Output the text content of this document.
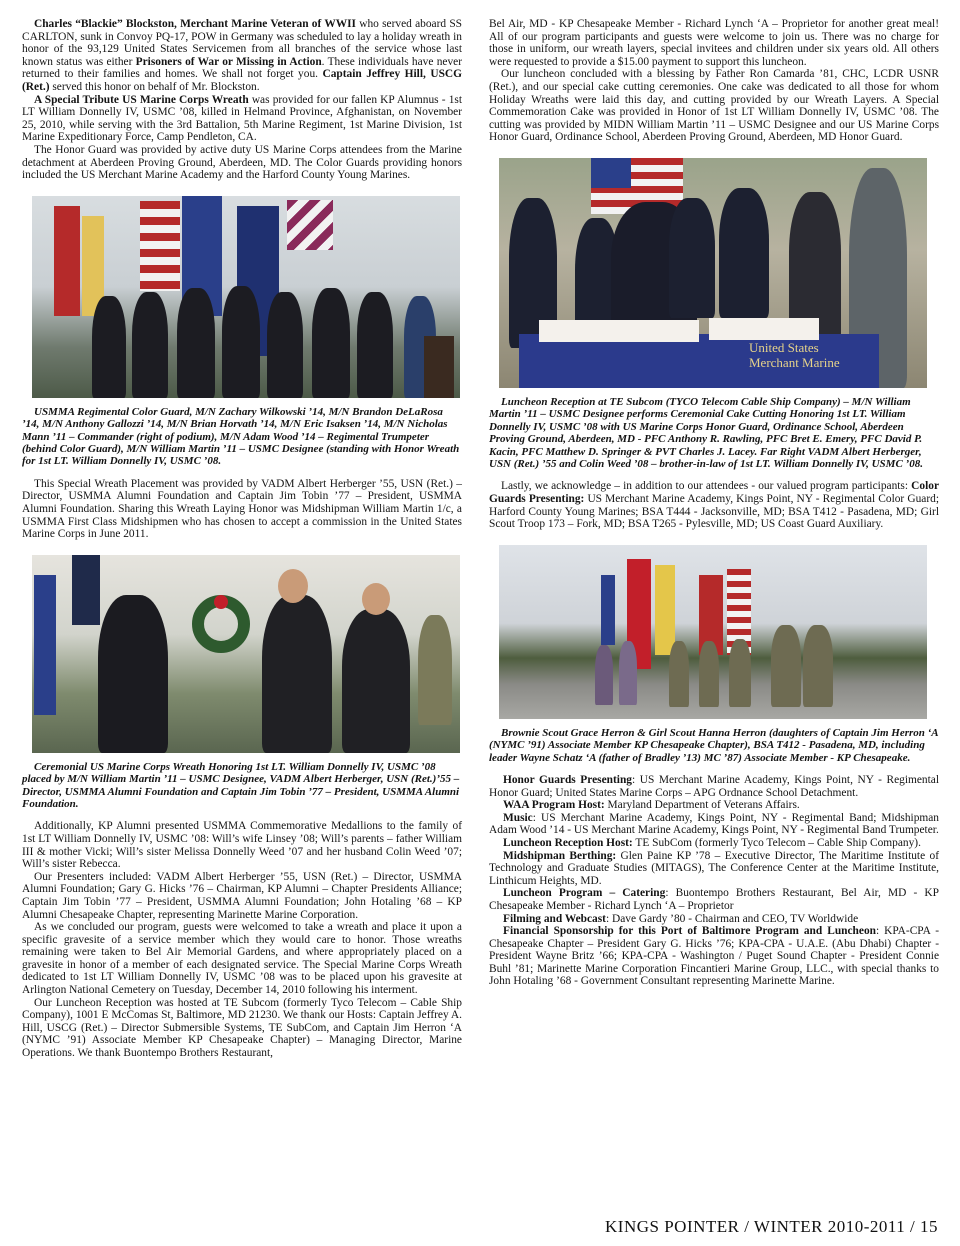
Charles “Blackie” Blockston, Merchant Marine Veteran of WWII who served aboard SS CARLTON, sunk in Convoy PQ-17, POW in Germany was scheduled to lay a holiday wreath in honor of the 93,129 United States Servicemen from all branches of the service whose last known status was either Prisoners of War or Missing in Action. These individuals have never returned to their families and homes. We shall not forget you. Captain Jeffrey Hill, USCG (Ret.) served this honor on behalf of Mr. Blockston.

A Special Tribute US Marine Corps Wreath was provided for our fallen KP Alumnus - 1st LT William Donnelly IV, USMC ’08, killed in Helmand Province, Afghanistan, on November 25, 2010, while serving with the 3rd Battalion, 5th Marine Regiment, 1st Marine Division, 1st Marine Expeditionary Force, Camp Pendleton, CA.

The Honor Guard was provided by active duty US Marine Corps attendees from the Marine detachment at Aberdeen Proving Ground, Aberdeen, MD. The Color Guards providing honors included the US Merchant Marine Academy and the Harford County Young Marines.

USMMA Regimental Color Guard, M/N Zachary Wilkowski ’14, M/N Brandon DeLaRosa ’14, M/N Anthony Gallozzi ’14, M/N Brian Horvath ’14, M/N Eric Isaksen ’14, M/N Nicholas Mann ’11 – Commander (right of podium), M/N Adam Wood ’14 – Regimental Trumpeter (behind Color Guard), M/N William Martin ’11 – USMC Designee (standing with Honor Wreath for 1st LT. William Donnelly IV, USMC ’08.

This Special Wreath Placement was provided by VADM Albert Herberger ’55, USN (Ret.) – Director, USMMA Alumni Foundation and Captain Jim Tobin ’77 – President, USMMA Alumni Foundation. Sharing this Wreath Laying Honor was Midshipman William Martin 1/c, a USMMA First Class Midshipmen who has chosen to accept a commission in the United States Marine Corps in June 2011.

Ceremonial US Marine Corps Wreath Honoring 1st LT. William Donnelly IV, USMC ’08 placed by M/N William Martin ’11 – USMC Designee, VADM Albert Herberger, USN (Ret.)’55 – Director, USMMA Alumni Foundation and Captain Jim Tobin ’77 – President, USMMA Alumni Foundation.

Additionally, KP Alumni presented USMMA Commemorative Medallions to the family of 1st LT William Donnelly IV, USMC ’08: Will’s wife Linsey ’08; Will’s parents – father William III & mother Vicki; Will’s sister Melissa Donnelly Weed ’07 and her husband Colin Weed ’07; Will’s sister Rebecca.

Our Presenters included: VADM Albert Herberger ’55, USN (Ret.) – Director, USMMA Alumni Foundation; Gary G. Hicks ’76 – Chairman, KP Alumni – Chapter Presidents Alliance; Captain Jim Tobin ’77 – President, USMMA Alumni Foundation; John Hotaling ’68 – KP Alumni Chesapeake Chapter, representing Marinette Marine Corporation.

As we concluded our program, guests were welcomed to take a wreath and place it upon a specific gravesite of a service member which they would care to honor. Those wreaths remaining were taken to Bel Air Memorial Gardens, and where appropriately placed on a gravesite in honor of a member of each designated service. The Special Marine Corps Wreath dedicated to 1st LT William Donnelly IV, USMC ’08 was to be placed upon his gravesite at Arlington National Cemetery on Tuesday, December 14, 2010 following his interment.

Our Luncheon Reception was hosted at TE Subcom (formerly Tyco Telecom – Cable Ship Company), 1001 E McComas St, Baltimore, MD 21230. We thank our Hosts: Captain Jeffrey A. Hill, USCG (Ret.) – Director Submersible Systems, TE SubCom, and Captain Jim Herron ‘A (NYMC ’91) Associate Member KP Chesapeake Chapter) – Managing Director, Marine Operations. We thank Buontempo Brothers Restaurant,

Bel Air, MD - KP Chesapeake Member - Richard Lynch ‘A – Proprietor for another great meal! All of our program participants and guests were welcome to join us. There was no charge for those in uniform, our wreath layers, special invitees and children under six years old. All others were requested to provide a $15.00 payment to support this luncheon.

Our luncheon concluded with a blessing by Father Ron Camarda ’81, CHC, LCDR USNR (Ret.), and our special cake cutting ceremonies. One cake was dedicated to all those for whom Holiday Wreaths were laid this day, and cutting provided by our Wreath Layers. A Special Commemoration Cake was provided in Honor of 1st LT William Donnelly IV, USMC ’08. The cutting was provided by MIDN William Martin ’11 – USMC Designee and our US Marine Corps Honor Guard, Ordinance School, Aberdeen Proving Ground, Aberdeen, MD Honor Guard.

United States Merchant Marine

Luncheon Reception at TE Subcom (TYCO Telecom Cable Ship Company) – M/N William Martin ’11 – USMC Designee performs Ceremonial Cake Cutting Honoring 1st LT. William Donnelly IV, USMC ’08 with US Marine Corps Honor Guard, Ordinance School, Aberdeen Proving Ground, Aberdeen, MD - PFC Anthony R. Rawling, PFC Bret E. Emery, PFC David P. Kacin, PFC Matthew D. Springer & PVT Charles J. Lacey. Far Right VADM Albert Herberger, USN (Ret.) ’55 and Colin Weed ’08 – brother-in-law of 1st LT. William Donnelly IV, USMC ’08.

Lastly, we acknowledge – in addition to our attendees - our valued program participants: Color Guards Presenting: US Merchant Marine Academy, Kings Point, NY - Regimental Color Guard; Harford County Young Marines; BSA T444 - Jacksonville, MD; BSA T412 - Pasadena, MD; Girl Scout Troop 173 – Fork, MD; BSA T265 - Pylesville, MD; US Coast Guard Auxiliary.

Brownie Scout Grace Herron & Girl Scout Hanna Herron (daughters of Captain Jim Herron ‘A (NYMC ’91) Associate Member KP Chesapeake Chapter), BSA T412 - Pasadena, MD, including leader Wayne Schatz ‘A (father of Bradley ’13) MC ’87) Associate Member - KP Chesapeake.

Honor Guards Presenting: US Merchant Marine Academy, Kings Point, NY - Regimental Honor Guard; United States Marine Corps – APG Ordnance School Detachment.

WAA Program Host: Maryland Department of Veterans Affairs.

Music: US Merchant Marine Academy, Kings Point, NY - Regimental Band; Midshipman Adam Wood ’14 - US Merchant Marine Academy, Kings Point, NY - Regimental Band Trumpeter.

Luncheon Reception Host: TE SubCom (formerly Tyco Telecom – Cable Ship Company).

Midshipman Berthing: Glen Paine KP ’78 – Executive Director, The Maritime Institute of Technology and Graduate Studies (MITAGS), The Conference Center at the Maritime Institute, Linthicum Heights, MD.

Luncheon Program – Catering: Buontempo Brothers Restaurant, Bel Air, MD - KP Chesapeake Member - Richard Lynch ‘A – Proprietor

Filming and Webcast: Dave Gardy ’80 - Chairman and CEO, TV Worldwide

Financial Sponsorship for this Port of Baltimore Program and Luncheon: KPA-CPA - Chesapeake Chapter – President Gary G. Hicks ’76; KPA-CPA - U.A.E. (Abu Dhabi) Chapter - President Wayne Britz ’66; KPA-CPA - Washington / Puget Sound Chapter - President Connie Buhl ’81; Marinette Marine Corporation Fincantieri Marine Group, LLC., with special thanks to John Hotaling ’68 - Government Consultant representing Marinette Marine.

KINGS POINTER / WINTER 2010-2011 / 15
